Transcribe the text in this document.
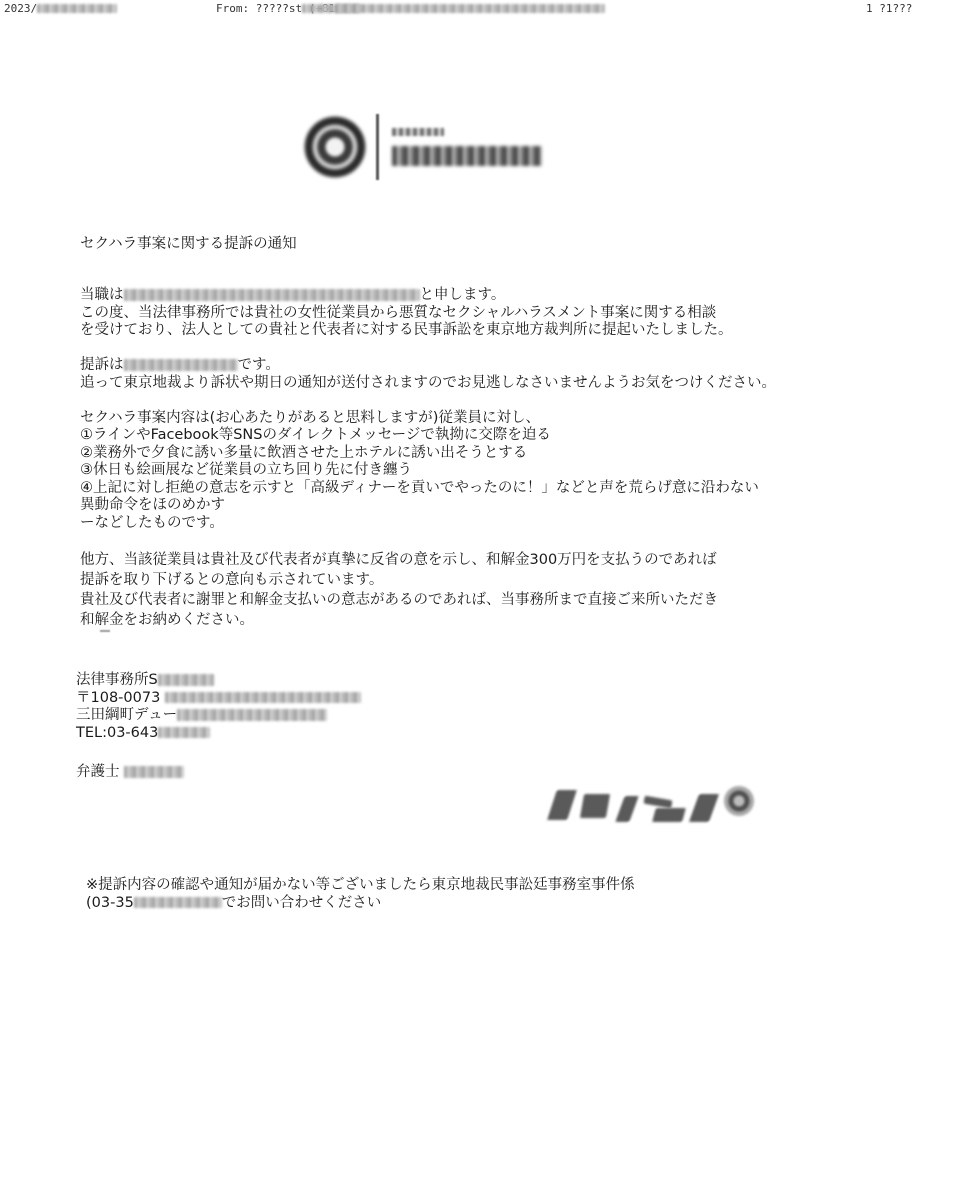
2023/	From: ?????st	1 ?1???
セクハラ事案に関する提訴の通知

当職は	と申します。

この度、当法律事務所では貴社の女性従業員から悪質なセクシャルハラスメント事案に関する相談

を受けており、法人としての貴社と代表者に対する民事訴訟を東京地方裁判所に提起いたしました。

提訴は	です。

追って東京地裁より訴状や期日の通知が送付されますのでお見逃しなさいませんようお気をつけください。

セクハラ事案内容は(お心あたりがあると思料しますが)従業員に対し、

①ラインやFacebook等SNSのダイレクトメッセージで執拗に交際を迫る

②業務外で夕食に誘い多量に飲酒させた上ホテルに誘い出そうとする

③休日も絵画展など従業員の立ち回り先に付き纏う

④上記に対し拒絶の意志を示すと「高級ディナーを貢いでやったのに！」などと声を荒らげ意に沿わない

異動命令をほのめかす

ーなどしたものです。

他方、当該従業員は貴社及び代表者が真摯に反省の意を示し、和解金300万円を支払うのであれば

提訴を取り下げるとの意向も示されています。

貴社及び代表者に謝罪と和解金支払いの意志があるのであれば、当事務所まで直接ご来所いただき

和解金をお納めください。

法律事務所S

〒108-0073

三田綱町デュー

TEL:03-643

弁護士

※提訴内容の確認や通知が届かない等ございましたら東京地裁民事訟廷事務室事件係

(03-35	でお問い合わせください
